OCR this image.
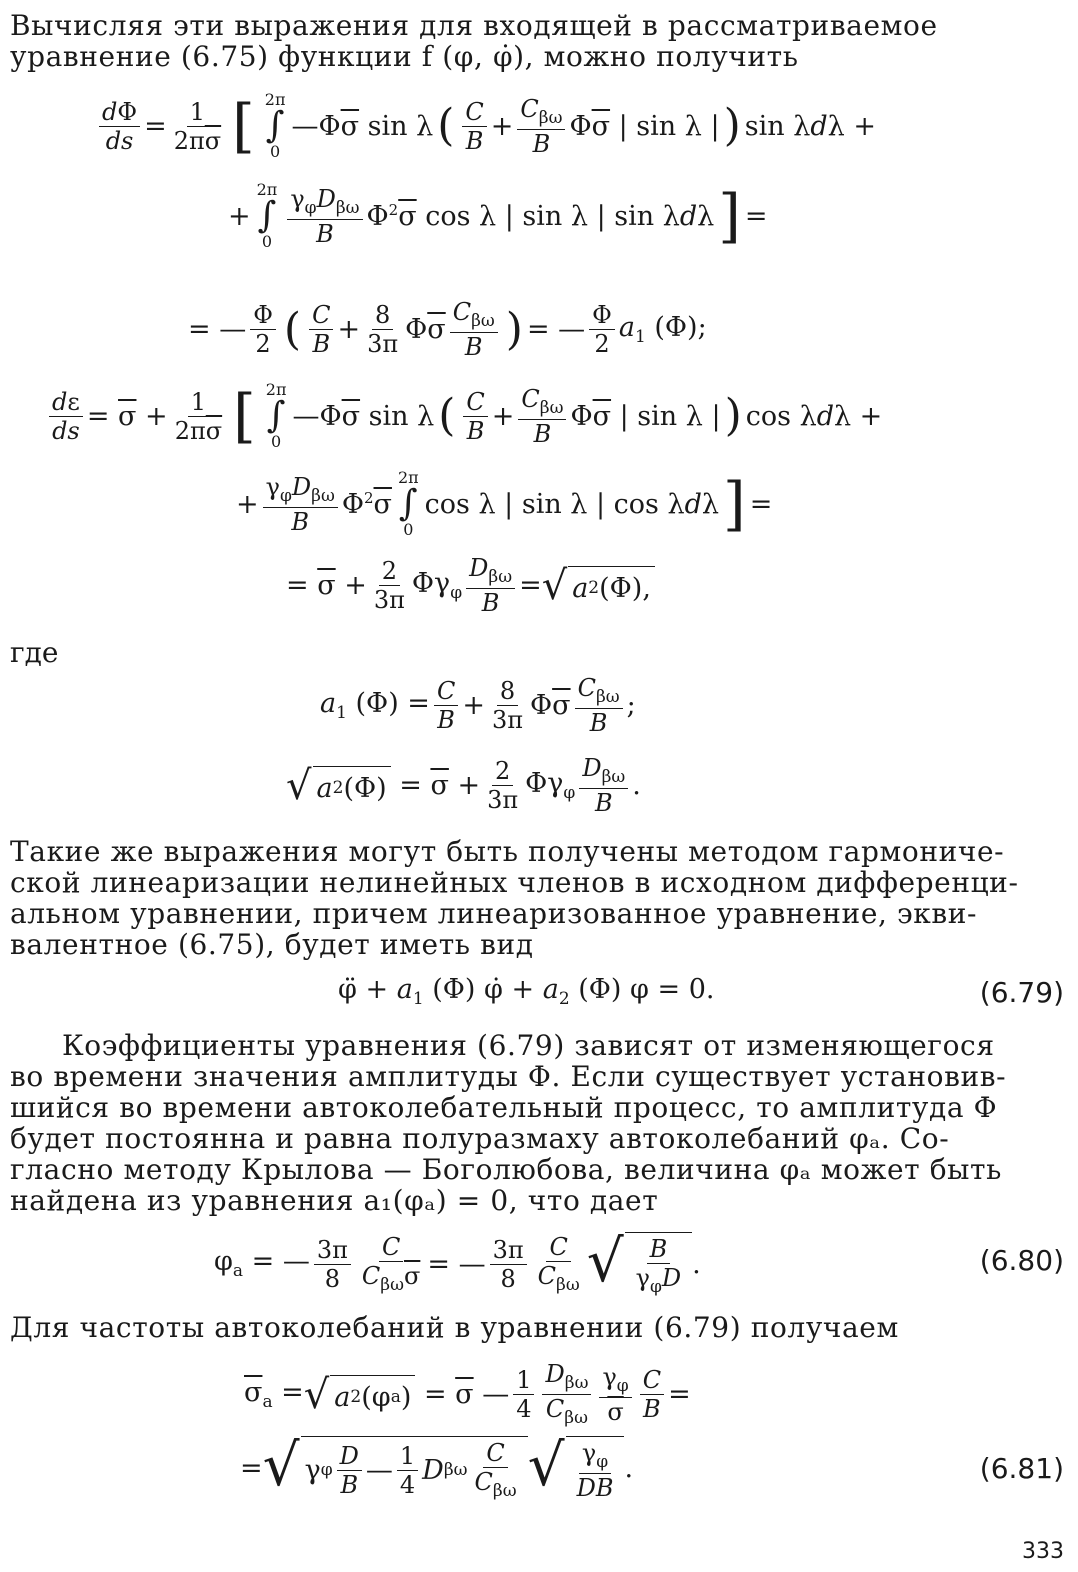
Вычисляя эти выражения для входящей в рассматриваемое
уравнение (6.75) функции f (φ, φ̇), можно получить
$\frac{d\Phi}{ds} = \frac{1}{2\pi\overline{\sigma}}$ [ 2π
∫
0
$—\Phi\overline{\sigma}$ sin λ ( $\frac{C}{B} + \frac{C_{\beta\omega}}{B} \Phi\overline{\sigma}$ | sin λ | ) sin λdλ +
+
2π
∫
$0 \frac{\gamma_\varphi D_{\beta\omega}}{B} \Phi^2\overline{\sigma}$ cos λ | sin λ | sin λdλ ] =
= — $\frac{\Phi}{2}$ ( $\frac{C}{B} + \frac{8}{3\pi} \Phi\overline{\sigma} \frac{C_{\beta\omega}}{B}$ ) = — $\frac{\Phi}{2} a_1$ (Φ);
$\frac{d\varepsilon}{ds} = \overline{\sigma} + \frac{1}{2\pi\overline{\sigma}}$ [ 2π
∫
0
$—\Phi\overline{\sigma}$ sin λ ( $\frac{C}{B} + \frac{C_{\beta\omega}}{B} \Phi\overline{\sigma}$ | sin λ | ) cos λdλ +
+ $\frac{\gamma_\varphi D_{\beta\omega}}{B} \Phi^2\overline{\sigma}$
2π
∫
0
cos λ | sin λ | cos λdλ ] =
= $\overline{\sigma} + \frac{2}{3\pi} \Phi\gamma_\varphi \frac{D_{\beta\omega}}{B}$ = √ a 2 (Φ),
где
$a_1$ $(\Phi) = \frac{C}{B} + \frac{8}{3\pi} \Phi\overline{\sigma} \frac{C_{\beta\omega}}{B}$ ;
√ a 2 $(\Phi) = \overline{\sigma} + \frac{2}{3\pi} \Phi\gamma_\varphi \frac{D_{\beta\omega}}{B}$ .
Такие же выражения могут быть получены методом гармониче-
ской линеаризации нелинейных членов в исходном дифференци-
альном уравнении, причем линеаризованное уравнение, экви-
валентное (6.75), будет иметь вид
φ̈ + $a_1$ (Φ) φ̇ + $a_2$ (Φ) φ = 0.	(6.79)
Коэффициенты уравнения (6.79) зависят от изменяющегося
во времени значения амплитуды Φ. Если существует установив-
шийся во времени автоколебательный процесс, то амплитуда Φ
будет постоянна и равна полуразмаху автоколебаний φₐ. Со-
гласно методу Крылова — Боголюбова, величина φₐ может быть
найдена из уравнения a₁(φₐ) = 0, что дает
$\varphi_a$ = — $\frac{3\pi}{8} \frac{C}{C_{\beta\omega}\overline{\sigma}}$ = — $\frac{3\pi}{8} \frac{C}{C_{\beta\omega}}$ √ $\frac{B}{\gamma_\varphi D}$ .	(6.80)
Для частоты автоколебаний в уравнении (6.79) получаем
$\overline{\sigma}_a$ = √ a 2 (φ a ) = $\overline{\sigma}$ — $\frac{1}{4} \frac{D_{\beta\omega}}{C_{\beta\omega}} \frac{\gamma_\varphi}{\sigma} \frac{C}{B}$ =
= √ γ φ $\frac{D}{B}$ — $\frac{1}{4}$ D βω $\frac{C}{C_{\beta\omega}}$ √ $\frac{\gamma_\varphi}{DB}$ .	(6.81)
333
